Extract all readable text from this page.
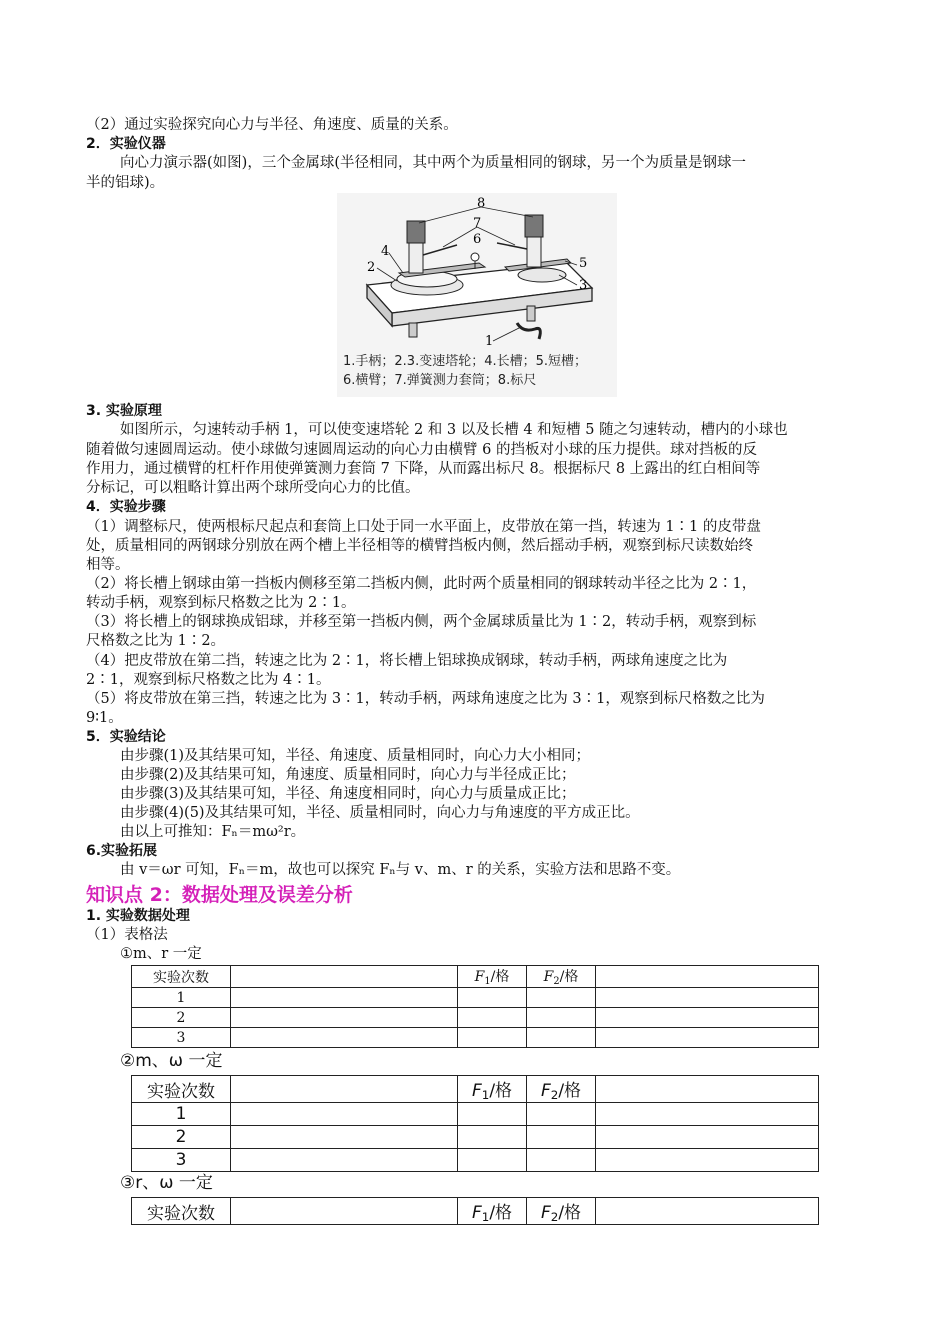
（2）通过实验探究向心力与半径、角速度、质量的关系。
2．实验仪器
向心力演示器(如图)，三个金属球(半径相同，其中两个为质量相同的钢球，另一个为质量是钢球一
半的铝球)。
8
7
6
4
2	5
3
1
1.手柄；2.3.变速塔轮；4.长槽；5.短槽；
6.横臂；7.弹簧测力套筒；8.标尺
3. 实验原理
如图所示，匀速转动手柄 1，可以使变速塔轮 2 和 3 以及长槽 4 和短槽 5 随之匀速转动，槽内的小球也
随着做匀速圆周运动。使小球做匀速圆周运动的向心力由横臂 6 的挡板对小球的压力提供。球对挡板的反
作用力，通过横臂的杠杆作用使弹簧测力套筒 7 下降，从而露出标尺 8。根据标尺 8 上露出的红白相间等
分标记，可以粗略计算出两个球所受向心力的比值。
4．实验步骤
（1）调整标尺，使两根标尺起点和套筒上口处于同一水平面上，皮带放在第一挡，转速为 1∶1 的皮带盘
处，质量相同的两钢球分别放在两个槽上半径相等的横臂挡板内侧，然后摇动手柄，观察到标尺读数始终
相等。
（2）将长槽上钢球由第一挡板内侧移至第二挡板内侧，此时两个质量相同的钢球转动半径之比为 2∶1，
转动手柄，观察到标尺格数之比为 2∶1。
（3）将长槽上的钢球换成铝球，并移至第一挡板内侧，两个金属球质量比为 1∶2，转动手柄，观察到标
尺格数之比为 1∶2。
（4）把皮带放在第二挡，转速之比为 2∶1，将长槽上铝球换成钢球，转动手柄，两球角速度之比为
2∶1，观察到标尺格数之比为 4∶1。
（5）将皮带放在第三挡，转速之比为 3∶1，转动手柄，两球角速度之比为 3∶1，观察到标尺格数之比为
9∶1。
5．实验结论
由步骤(1)及其结果可知，半径、角速度、质量相同时，向心力大小相同；
由步骤(2)及其结果可知，角速度、质量相同时，向心力与半径成正比；
由步骤(3)及其结果可知，半径、角速度相同时，向心力与质量成正比；
由步骤(4)(5)及其结果可知，半径、质量相同时，向心力与角速度的平方成正比。
由以上可推知：Fₙ＝mω²r。
6.实验拓展
由 v＝ωr 可知，Fₙ＝m，故也可以探究 Fₙ与 v、m、r 的关系，实验方法和思路不变。
知识点 2：数据处理及误差分析
1. 实验数据处理
（1）表格法
①m、r 一定
实验次数		$F_1/$格	$F_2/$格	
1				
2				
3				
②m、ω 一定
实验次数		$F_1/$格	$F_2/$格	
1				
2				
3				
③r、ω 一定
实验次数		$F_1/$格	$F_2/$格	
